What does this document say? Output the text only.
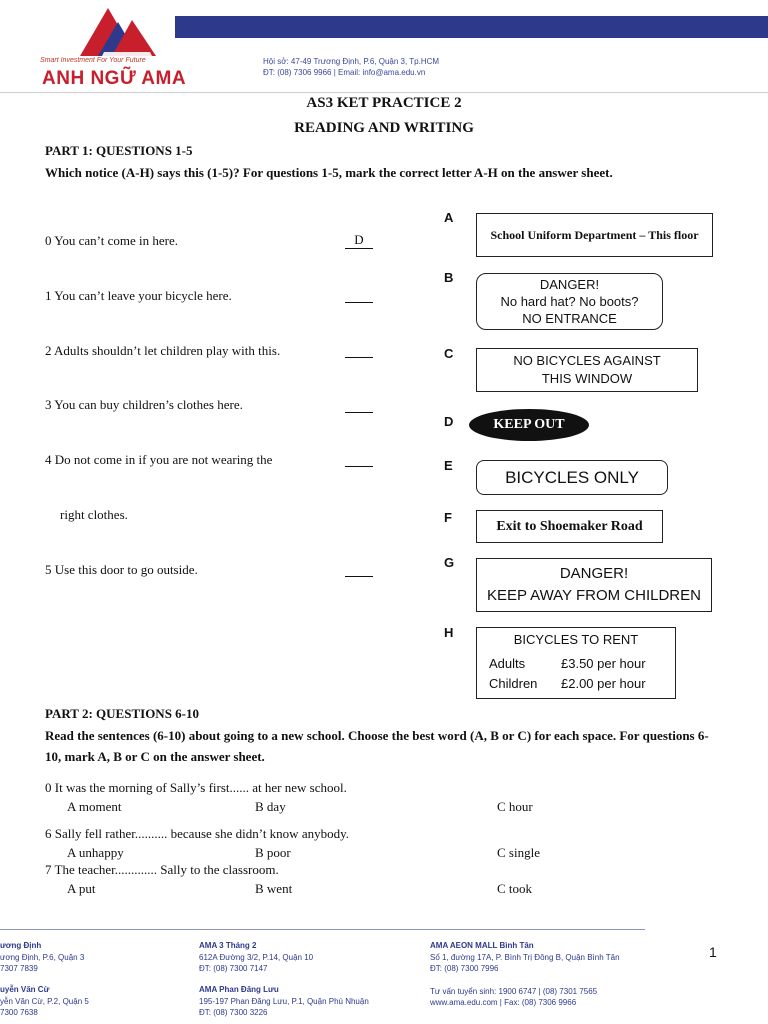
Smart Investment For Your Future
ANH NGỮ AMA
Hội sở: 47-49 Trương Định, P.6, Quận 3, Tp.HCM
ĐT: (08) 7306 9966 | Email: info@ama.edu.vn
AS3 KET PRACTICE 2
READING AND WRITING
PART 1: QUESTIONS 1-5
Which notice (A-H) says this (1-5)? For questions 1-5, mark the correct letter A-H on the answer sheet.
0 You can’t come in here.	D
1 You can’t leave your bicycle here.
2 Adults shouldn’t let children play with this.
3 You can buy children’s clothes here.
4 Do not come in if you are not wearing the
right clothes.
5 Use this door to go outside.
A
School Uniform Department – This floor
B	DANGER!
No hard hat? No boots?
NO ENTRANCE
C	NO BICYCLES AGAINST
THIS WINDOW
D	KEEP OUT
E
BICYCLES ONLY
F
Exit to Shoemaker Road
G
DANGER!
KEEP AWAY FROM CHILDREN
H	BICYCLES TO RENT
Adults	£3.50 per hour
Children £2.00 per hour
PART 2: QUESTIONS 6-10
Read the sentences (6-10) about going to a new school. Choose the best word (A, B or C) for each space. For questions 6-10, mark A, B or C on the answer sheet.
0 It was the morning of Sally’s first...... at her new school.
A moment	B day	C hour
6 Sally fell rather.......... because she didn’t know anybody.
A unhappy	B poor	C single
7 The teacher............. Sally to the classroom.
A put	B went	C took
ương Định
ương Định, P.6, Quận 3
7307 7839
uyễn Văn Cừ
yễn Văn Cừ, P.2, Quận 5
7300 7638
AMA 3 Tháng 2
612A Đường 3/2, P.14, Quận 10
ĐT: (08) 7300 7147
AMA Phan Đăng Lưu
195-197 Phan Đăng Lưu, P.1, Quận Phú Nhuận
ĐT: (08) 7300 3226
AMA AEON MALL Bình Tân
Số 1, đường 17A, P. Bình Trị Đông B, Quận Bình Tân
ĐT: (08) 7300 7996
Tư vấn tuyển sinh: 1900 6747 | (08) 7301 7565
www.ama.edu.com | Fax: (08) 7306 9966
1
